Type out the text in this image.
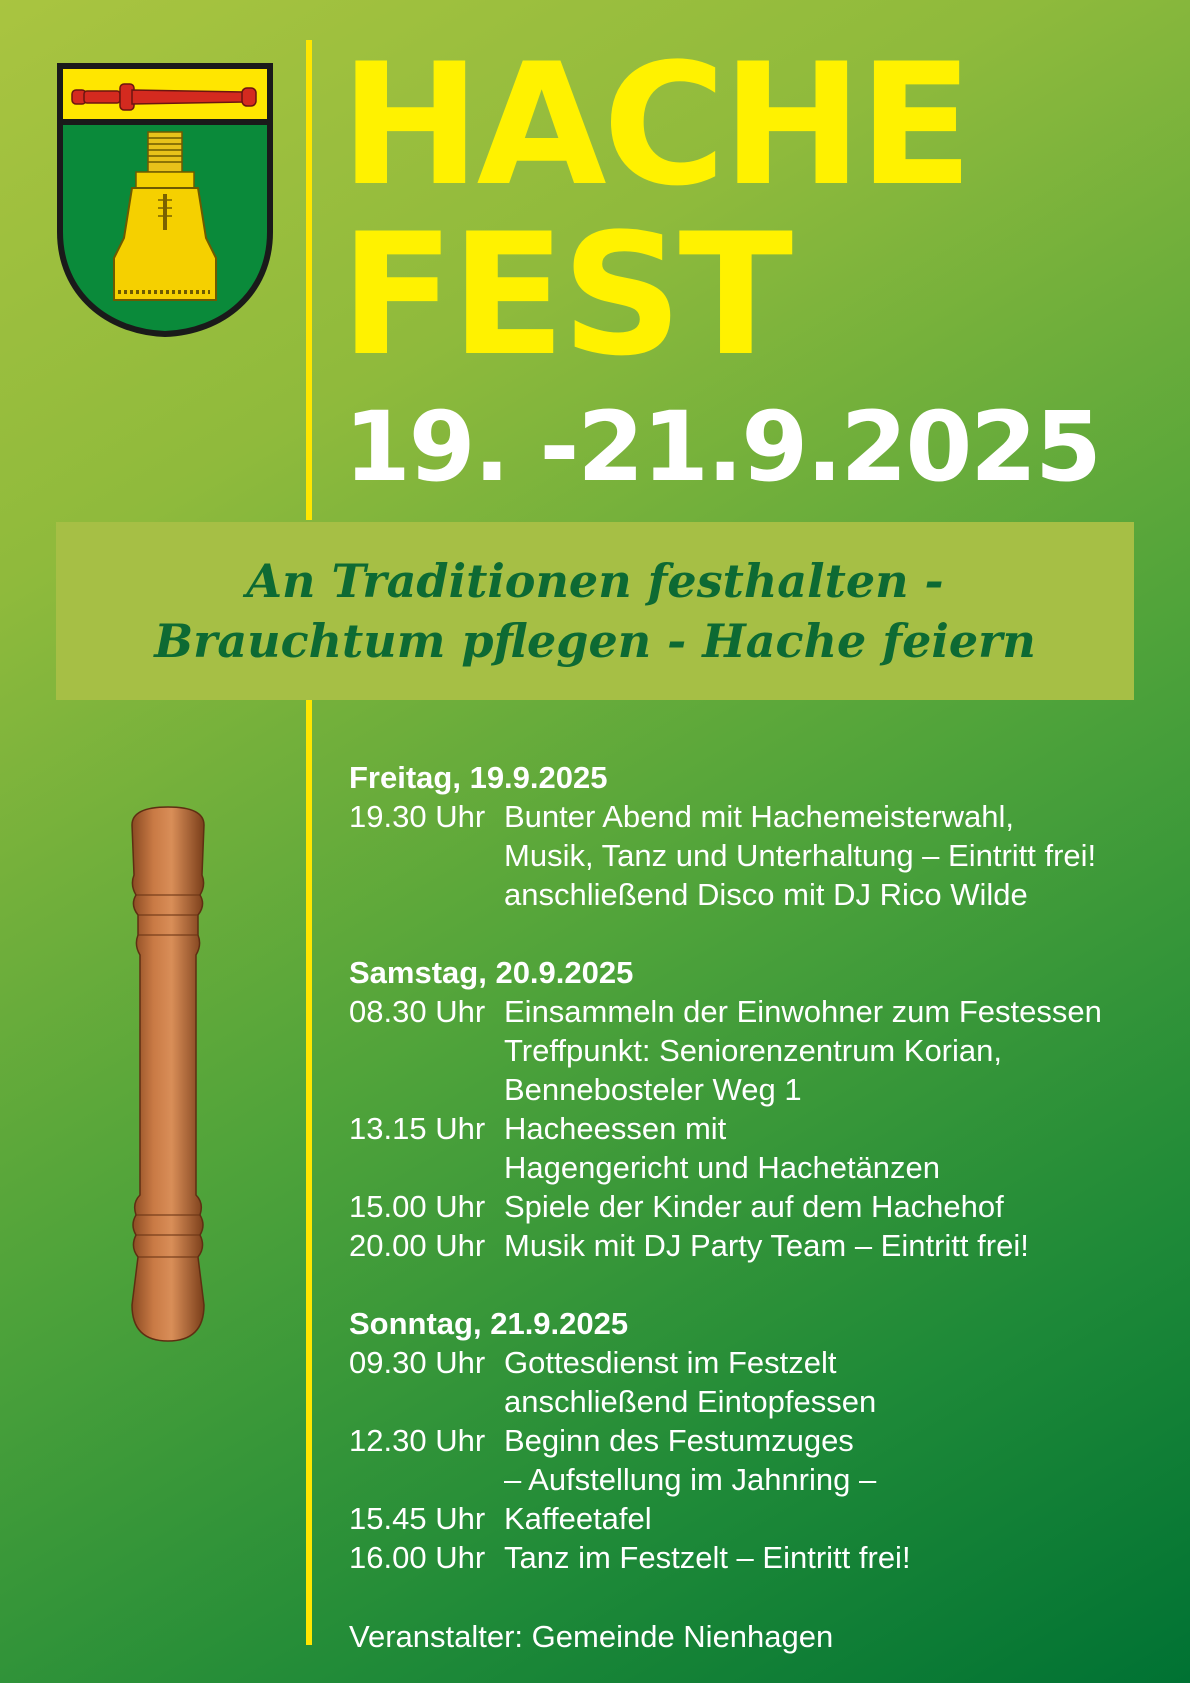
HACHE
FEST
19. -21.9.2025
An Traditionen festhalten -
Brauchtum pflegen - Hache feiern
Freitag, 19.9.2025
19.30 Uhr Bunter Abend mit Hachemeisterwahl,
Musik, Tanz und Unterhaltung – Eintritt frei!
anschließend Disco mit DJ Rico Wilde
Samstag, 20.9.2025
08.30 Uhr Einsammeln der Einwohner zum Festessen
Treffpunkt: Seniorenzentrum Korian,
Bennebosteler Weg 1
13.15 Uhr Hacheessen mit
Hagengericht und Hachetänzen
15.00 Uhr Spiele der Kinder auf dem Hachehof
20.00 Uhr Musik mit DJ Party Team – Eintritt frei!
Sonntag, 21.9.2025
09.30 Uhr Gottesdienst im Festzelt
anschließend Eintopfessen
12.30 Uhr Beginn des Festumzuges
– Aufstellung im Jahnring –
15.45 Uhr Kaffeetafel
16.00 Uhr Tanz im Festzelt – Eintritt frei!
Veranstalter: Gemeinde Nienhagen
